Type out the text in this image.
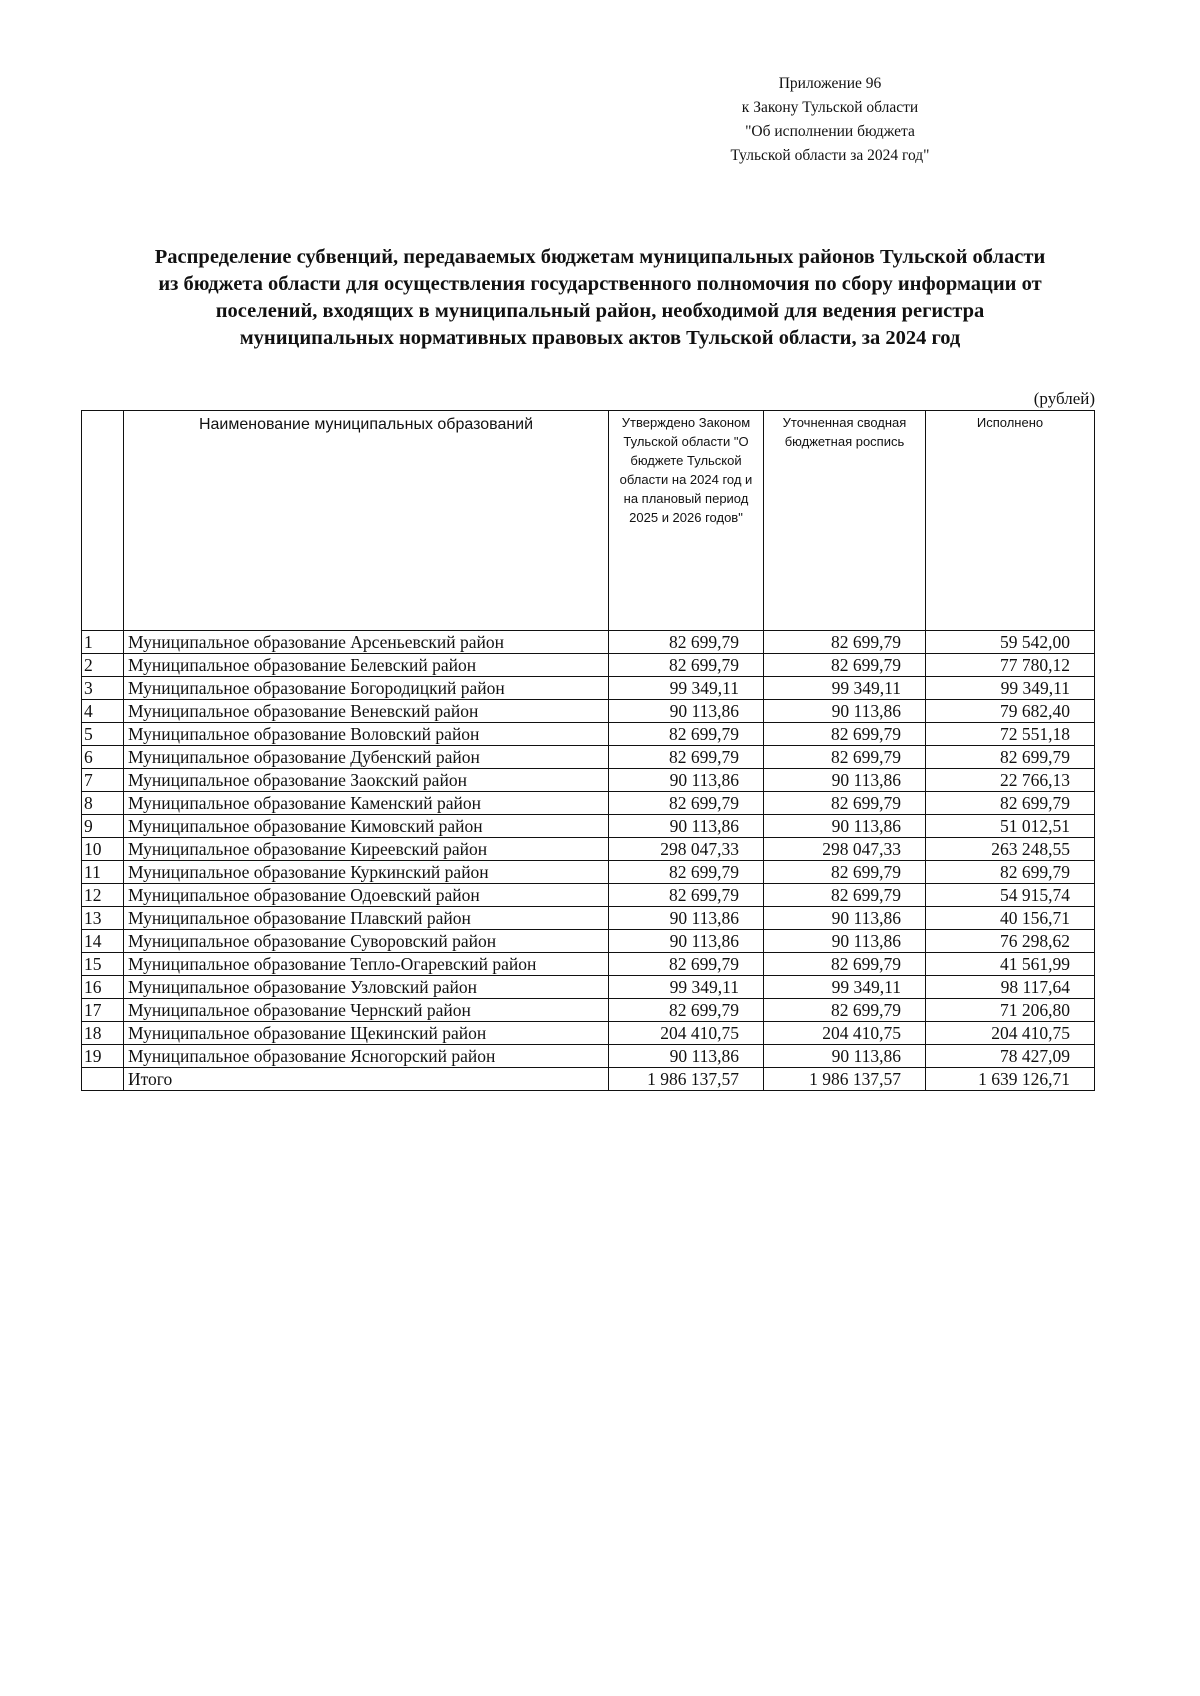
Приложение 96
к Закону Тульской области
"Об исполнении бюджета
Тульской области за 2024 год"
Распределение субвенций, передаваемых бюджетам муниципальных районов Тульской области
из бюджета области для осуществления государственного полномочия по сбору информации от
поселений, входящих в муниципальный район, необходимой для ведения регистра
муниципальных нормативных правовых актов Тульской области, за 2024 год
(рублей)
	Наименование муниципальных образований	Утверждено Законом Тульской области "О бюджете Тульской области на 2024 год и на плановый период 2025 и 2026 годов"	Уточненная сводная бюджетная роспись	Исполнено
1	Муниципальное образование Арсеньевский район	82 699,79	82 699,79	59 542,00
2	Муниципальное образование Белевский район	82 699,79	82 699,79	77 780,12
3	Муниципальное образование Богородицкий район	99 349,11	99 349,11	99 349,11
4	Муниципальное образование Веневский район	90 113,86	90 113,86	79 682,40
5	Муниципальное образование Воловский район	82 699,79	82 699,79	72 551,18
6	Муниципальное образование Дубенский район	82 699,79	82 699,79	82 699,79
7	Муниципальное образование Заокский район	90 113,86	90 113,86	22 766,13
8	Муниципальное образование Каменский район	82 699,79	82 699,79	82 699,79
9	Муниципальное образование Кимовский район	90 113,86	90 113,86	51 012,51
10	Муниципальное образование Киреевский район	298 047,33	298 047,33	263 248,55
11	Муниципальное образование Куркинский район	82 699,79	82 699,79	82 699,79
12	Муниципальное образование Одоевский район	82 699,79	82 699,79	54 915,74
13	Муниципальное образование Плавский район	90 113,86	90 113,86	40 156,71
14	Муниципальное образование Суворовский район	90 113,86	90 113,86	76 298,62
15	Муниципальное образование Тепло-Огаревский район	82 699,79	82 699,79	41 561,99
16	Муниципальное образование Узловский район	99 349,11	99 349,11	98 117,64
17	Муниципальное образование Чернский район	82 699,79	82 699,79	71 206,80
18	Муниципальное образование Щекинский район	204 410,75	204 410,75	204 410,75
19	Муниципальное образование Ясногорский район	90 113,86	90 113,86	78 427,09
	Итого	1 986 137,57	1 986 137,57	1 639 126,71
